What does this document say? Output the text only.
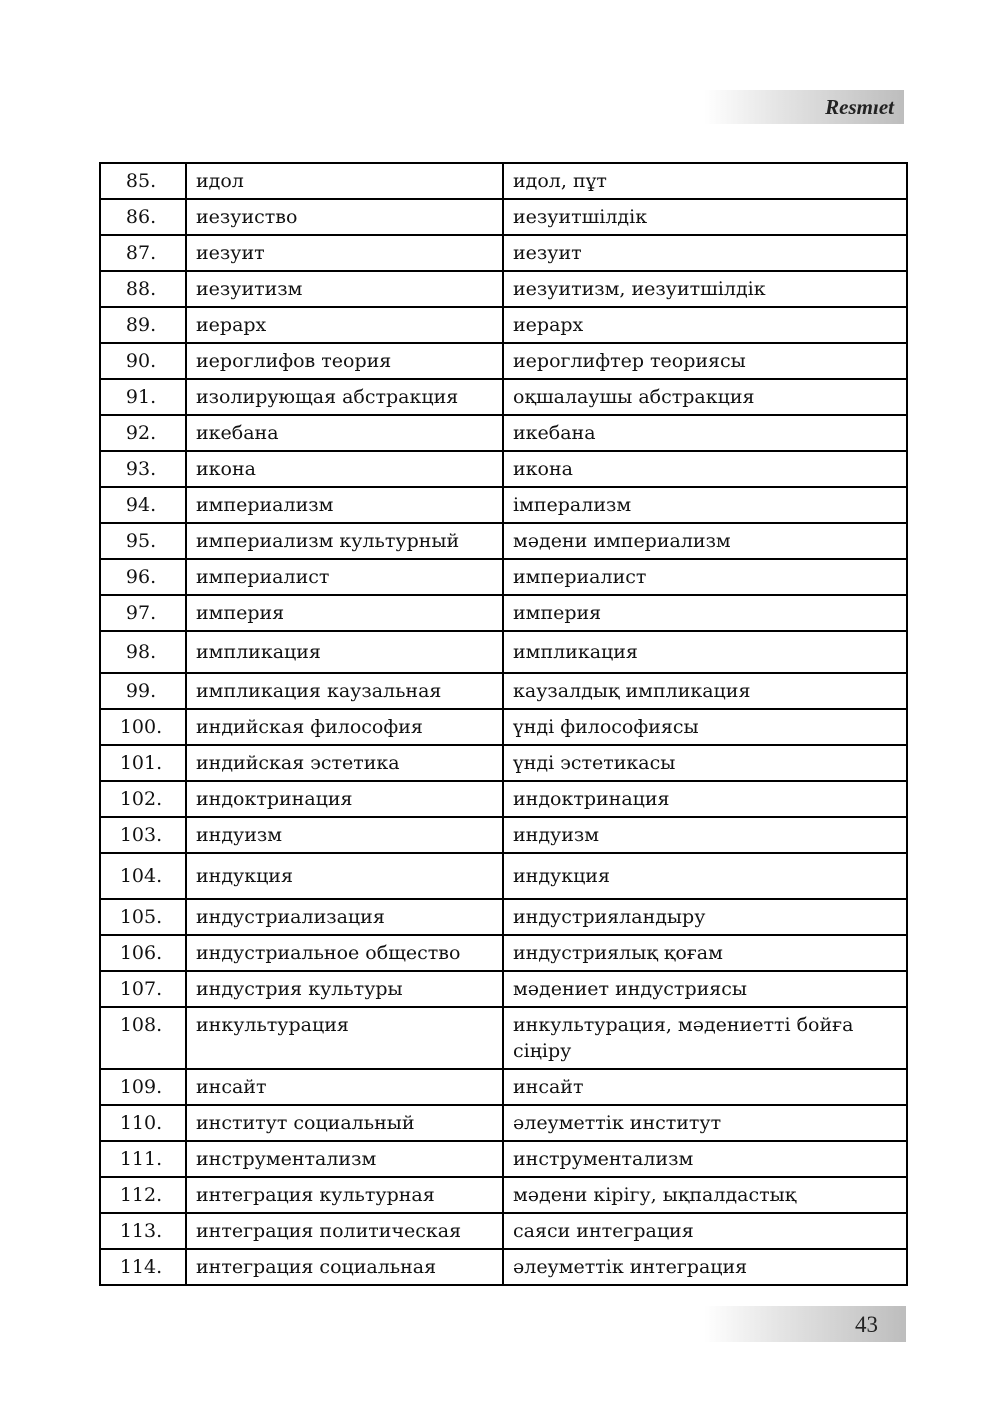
Resmıet
85.	идол	идол, пұт
86.	иезуиство	иезуитшілдік
87.	иезуит	иезуит
88.	иезуитизм	иезуитизм, иезуитшілдік
89.	иерарх	иерарх
90.	иероглифов теория	иероглифтер теориясы
91.	изолирующая абстракция	оқшалаушы абстракция
92.	икебана	икебана
93.	икона	икона
94.	империализм	імперализм
95.	империализм культурный	мәдени империализм
96.	империалист	империалист
97.	империя	империя
98.	импликация	импликация
99.	импликация каузальная	каузалдық импликация
100.	индийская философия	үнді философиясы
101.	индийская эстетика	үнді эстетикасы
102.	индоктринация	индоктринация
103.	индуизм	индуизм
104.	индукция	индукция
105.	индустриализация	индустрияландыру
106.	индустриальное общество	индустриялық қоғам
107.	индустрия культуры	мәдениет индустриясы
108.	инкультурация	инкультурация, мәдениетті бойға сіңіру
109.	инсайт	инсайт
110.	институт социальный	әлеуметтік институт
111.	инструментализм	инструментализм
112.	интеграция культурная	мәдени кірігу, ықпалдастық
113.	интеграция политическая	саяси интеграция
114.	интеграция социальная	әлеуметтік интеграция
43
